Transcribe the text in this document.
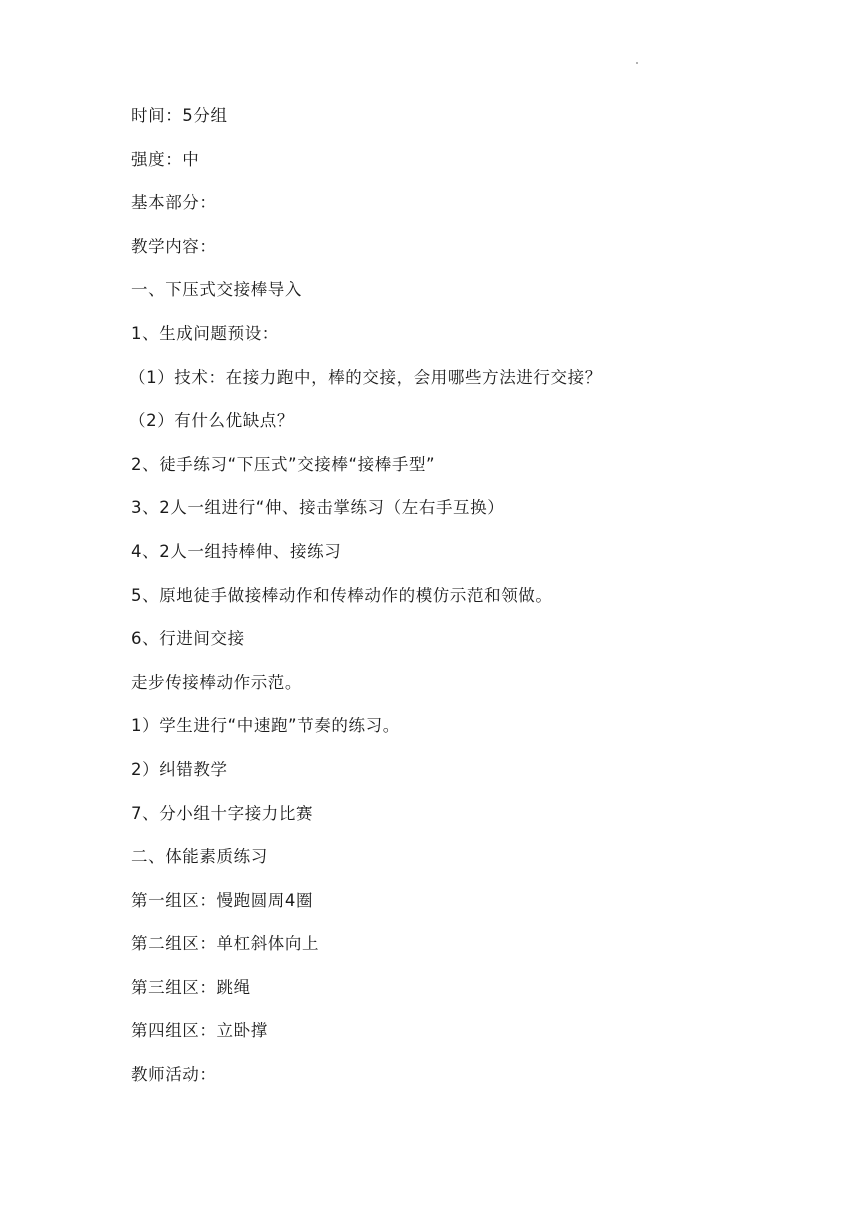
时间：5分组
强度：中
基本部分：
教学内容：
一、下压式交接棒导入
1、生成问题预设：
（1）技术：在接力跑中，棒的交接，会用哪些方法进行交接？
（2）有什么优缺点？
2、徒手练习“下压式”交接棒“接棒手型”
3、2人一组进行“伸、接击掌练习（左右手互换）
4、2人一组持棒伸、接练习
5、原地徒手做接棒动作和传棒动作的模仿示范和领做。
6、行进间交接
走步传接棒动作示范。
1）学生进行“中速跑”节奏的练习。
2）纠错教学
7、分小组十字接力比赛
二、体能素质练习
第一组区：慢跑圆周4圈
第二组区：单杠斜体向上
第三组区：跳绳
第四组区：立卧撑
教师活动：
